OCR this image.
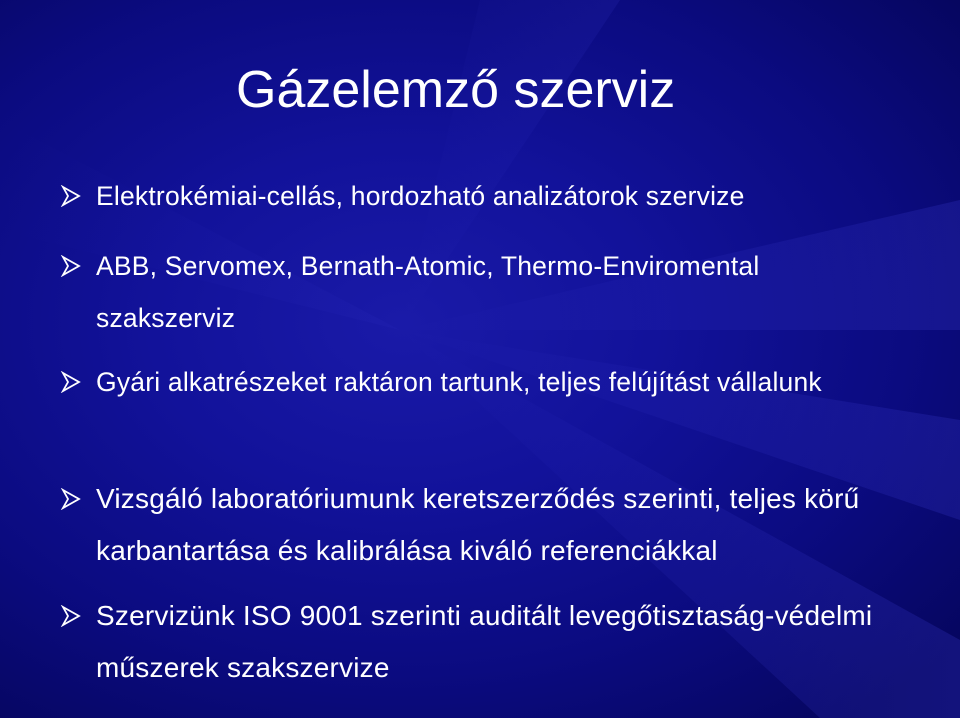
Gázelemző szerviz

Elektrokémiai-cellás, hordozható analizátorok szervize

ABB, Servomex, Bernath-Atomic, Thermo-Enviromental szakszerviz

Gyári alkatrészeket raktáron tartunk, teljes felújítást vállalunk

Vizsgáló laboratóriumunk keretszerződés szerinti, teljes körű karbantartása és kalibrálása kiváló referenciákkal

Szervizünk ISO 9001 szerinti auditált levegőtisztaság-védelmi műszerek szakszervize
